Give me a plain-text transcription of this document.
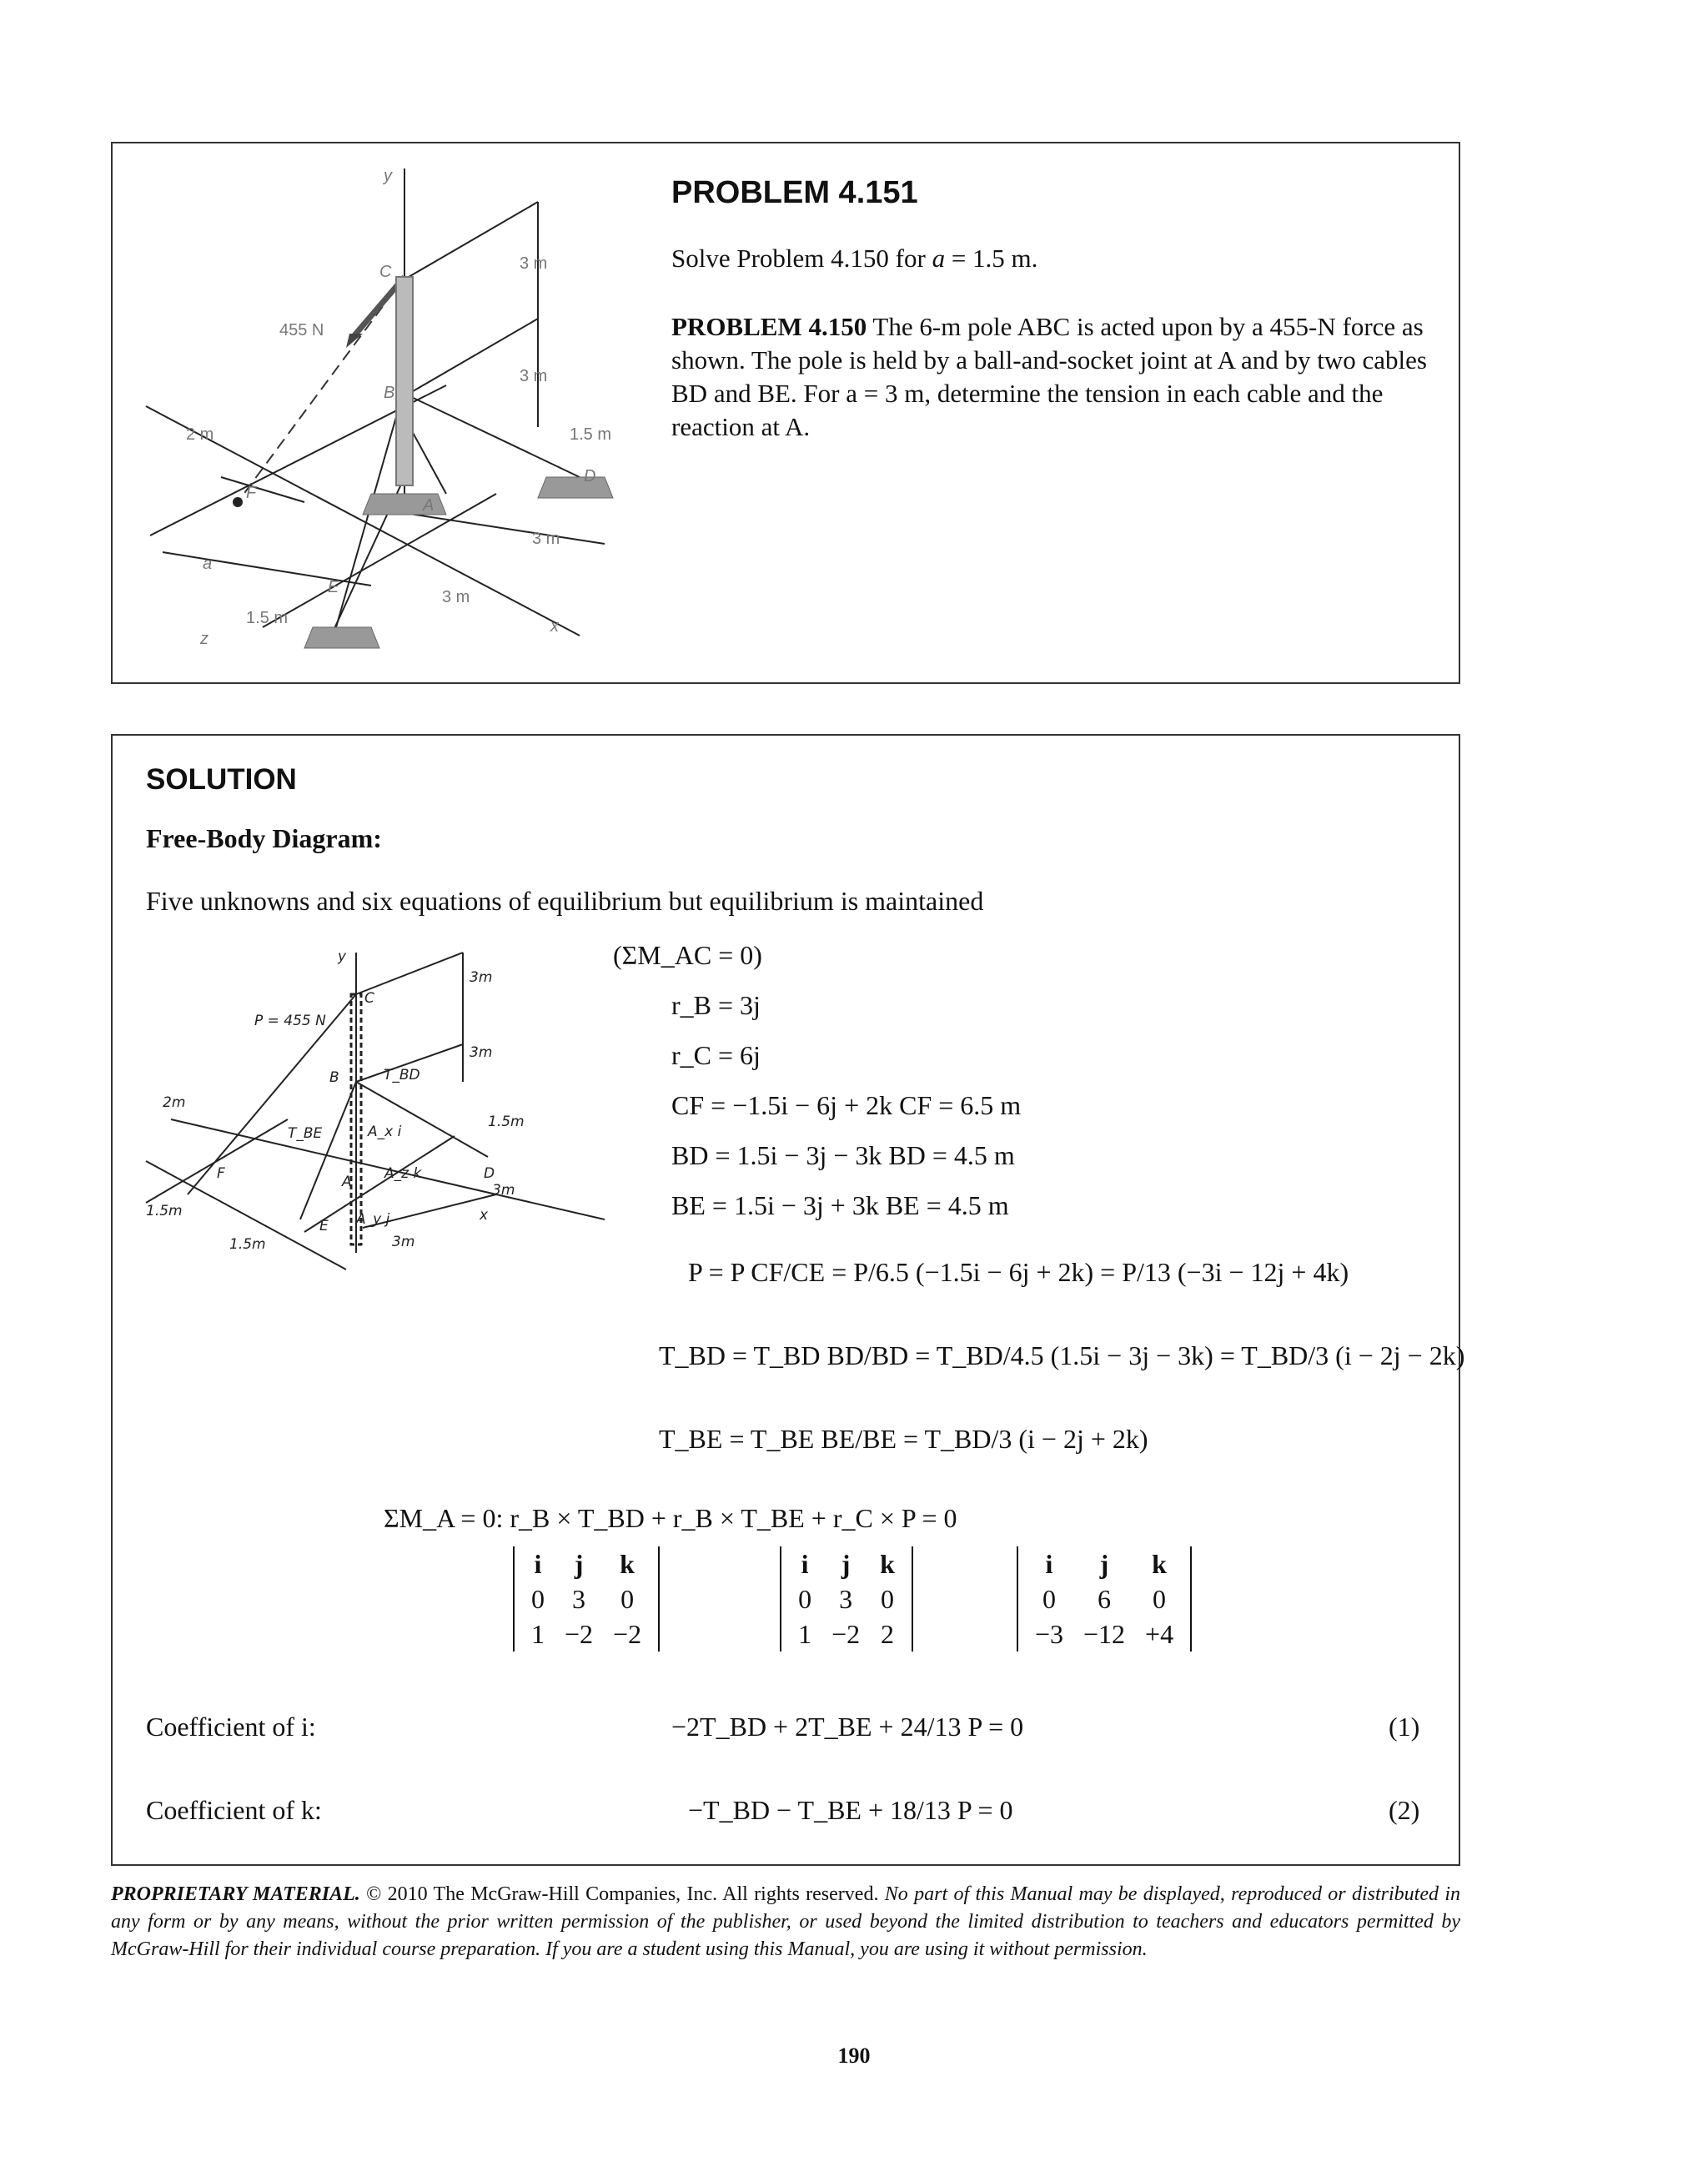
y
C
B
A
D
E
F
x
z
a
455 N
3 m
3 m
1.5 m
3 m
3 m
1.5 m
2 m
PROBLEM 4.151
Solve Problem 4.150 for a = 1.5 m.
PROBLEM 4.150 The 6-m pole ABC is acted upon by a 455-N force as shown. The pole is held by a ball-and-socket joint at A and by two cables BD and BE. For a = 3 m, determine the tension in each cable and the reaction at A.
SOLUTION
Free-Body Diagram:
Five unknowns and six equations of equilibrium but equilibrium is maintained
y
C
B
D
E
F
x
P = 455 N
T_BD
T_BE	A_x i
A_z k
A
A_y j
3m
3m
1.5m
3m
3m
2m
1.5m
1.5m
(ΣM_AC = 0)
r_B = 3j
r_C = 6j
CF = −1.5i − 6j + 2k CF = 6.5 m
BD = 1.5i − 3j − 3k BD = 4.5 m
BE = 1.5i − 3j + 3k BE = 4.5 m
P = P CF/CE = P/6.5 (−1.5i − 6j + 2k) = P/13 (−3i − 12j + 4k)
T_BD = T_BD BD/BD = T_BD/4.5 (1.5i − 3j − 3k) = T_BD/3 (i − 2j − 2k)
T_BE = T_BE BE/BE = T_BD/3 (i − 2j + 2k)
ΣM_A = 0: r_B × T_BD + r_B × T_BE + r_C × P = 0
i	j	k
0	3	0
1	−2	−2

i	j	k
0	3	0
1	−2	2

i	j	k
0	6	0
−3	−12	+4
Coefficient of i:	−2T_BD + 2T_BE + 24/13 P = 0	(1)
Coefficient of k:	−T_BD − T_BE + 18/13 P = 0	(2)
PROPRIETARY MATERIAL. © 2010 The McGraw-Hill Companies, Inc. All rights reserved. No part of this Manual may be displayed, reproduced or distributed in any form or by any means, without the prior written permission of the publisher, or used beyond the limited distribution to teachers and educators permitted by McGraw-Hill for their individual course preparation. If you are a student using this Manual, you are using it without permission.
190
